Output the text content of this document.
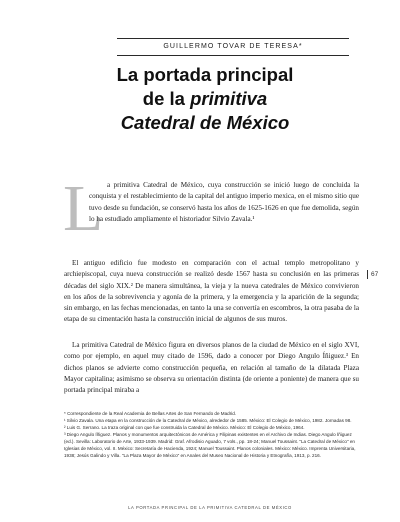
GUILLERMO TOVAR DE TERESA*
La portada principal
de la primitiva
Catedral de México
L a primitiva Catedral de México, cuya construcción se inició luego de concluida la conquista y el restablecimiento de la capital del antiguo imperio mexica, en el mismo sitio que tuvo desde su fundación, se conservó hasta los años de 1625-1626 en que fue demolida, según lo ha estudiado ampliamente el historiador Silvio Zavala.¹
El antiguo edificio fue modesto en comparación con el actual templo metropolitano y archiepiscopal, cuya nueva construcción se realizó desde 1567 hasta su conclusión en las primeras décadas del siglo XIX.² De manera simultánea, la vieja y la nueva catedrales de México convivieron en los años de la sobrevivencia y agonía de la primera, y la emergencia y la aparición de la segunda; sin embargo, en las fechas mencionadas, en tanto la una se convertía en escombros, la otra pasaba de la etapa de su cimentación hasta la construcción inicial de algunos de sus muros.
La primitiva Catedral de México figura en diversos planos de la ciudad de México en el siglo XVI, como por ejemplo, en aquel muy citado de 1596, dado a conocer por Diego Angulo Íñiguez.³ En dichos planos se advierte como construcción pequeña, en relación al tamaño de la dilatada Plaza Mayor capitalina; asimismo se observa su orientación distinta (de oriente a poniente) de manera que su portada principal miraba a
67

* Correspondiente de la Real Academia de Bellas Artes de San Fernando de Madrid.

¹ Silvio Zavala. Una etapa en la construcción de la Catedral de México, alrededor de 1585. México: El Colegio de México, 1982. Jornadas 98.

² Luis G. Serrano. La traza original con que fue construida la Catedral de México. México: El Colegio de México, 1964.

³ Diego Angulo Íñiguez. Planos y monumentos arquitectónicos de América y Filipinas existentes en el Archivo de Indias. Diego Angulo Íñiguez (ed.). Sevilla: Laboratorio de Arte, 1933-1939. Madrid: Graf. Afrodisio Aguado, 7 vols., pp. 18-24; Manuel Toussaint. "La Catedral de México" en Iglesias de México, vol. II. México: Secretaría de Hacienda, 1924; Manuel Toussaint. Planos coloniales. México: México. Imprenta Universitaria, 1938; Jesús Galindo y Villa. "La Plaza Mayor de México" en Anales del Museo Nacional de Historia y Etnografía, 1913, p. 216.

LA PORTADA PRINCIPAL DE LA PRIMITIVA CATEDRAL DE MÉXICO
